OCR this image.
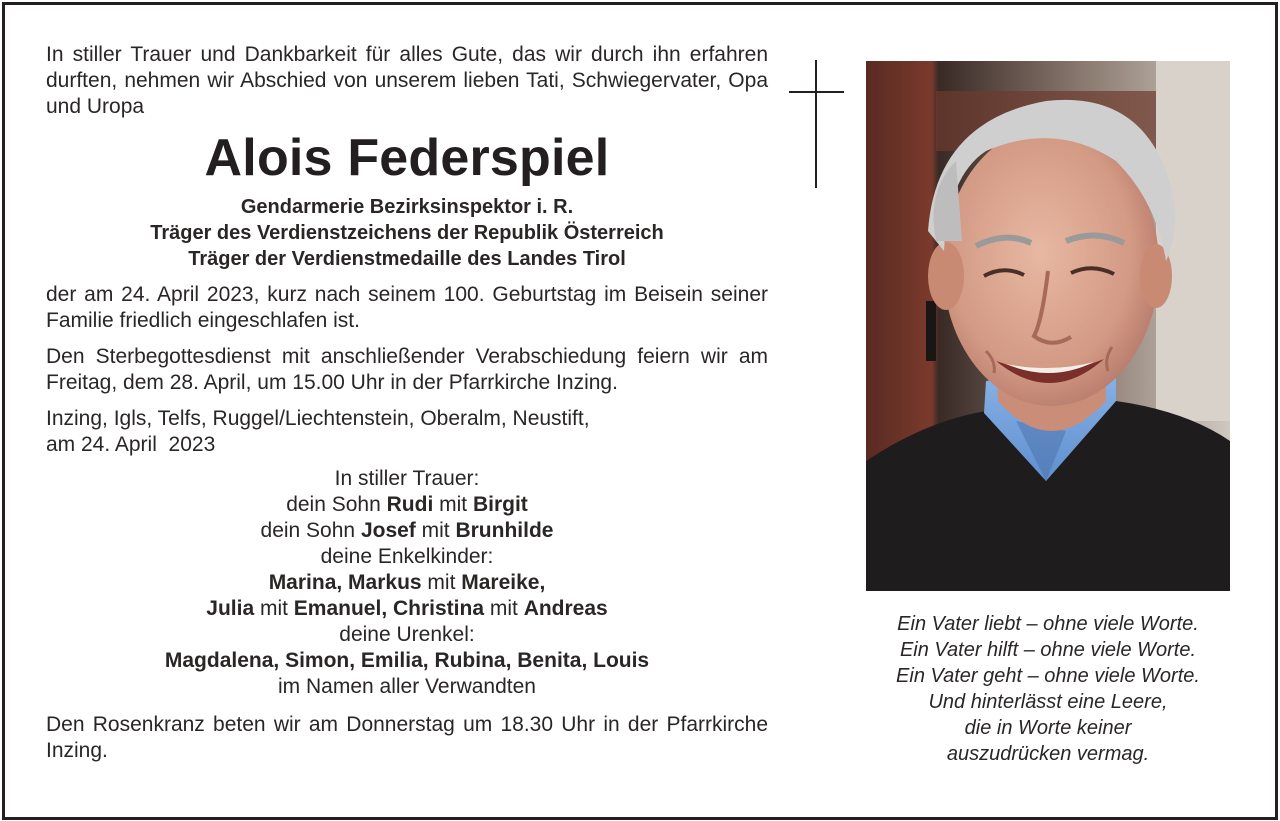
In stiller Trauer und Dankbarkeit für alles Gute, das wir durch ihn erfahren durften, nehmen wir Abschied von unserem lieben Tati, Schwiegervater, Opa und Uropa

Alois Federspiel
Gendarmerie Bezirksinspektor i. R.
Träger des Verdienstzeichens der Republik Österreich
Träger der Verdienstmedaille des Landes Tirol

der am 24. April 2023, kurz nach seinem 100. Geburtstag im Beisein seiner Familie friedlich eingeschlafen ist.

Den Sterbegottesdienst mit anschließender Verabschiedung feiern wir am Freitag, dem 28. April, um 15.00 Uhr in der Pfarrkirche Inzing.

Inzing, Igls, Telfs, Ruggel/Liechtenstein, Oberalm, Neustift,
am 24. April  2023

In stiller Trauer:
dein Sohn Rudi mit Birgit
dein Sohn Josef mit Brunhilde
deine Enkelkinder:
Marina, Markus mit Mareike,
Julia mit Emanuel, Christina mit Andreas
deine Urenkel:
Magdalena, Simon, Emilia, Rubina, Benita, Louis
im Namen aller Verwandten

Den Rosenkranz beten wir am Donnerstag um 18.30 Uhr in der Pfarrkirche Inzing.

Ein Vater liebt – ohne viele Worte.
Ein Vater hilft – ohne viele Worte.
Ein Vater geht – ohne viele Worte.
Und hinterlässt eine Leere,
die in Worte keiner
auszudrücken vermag.
